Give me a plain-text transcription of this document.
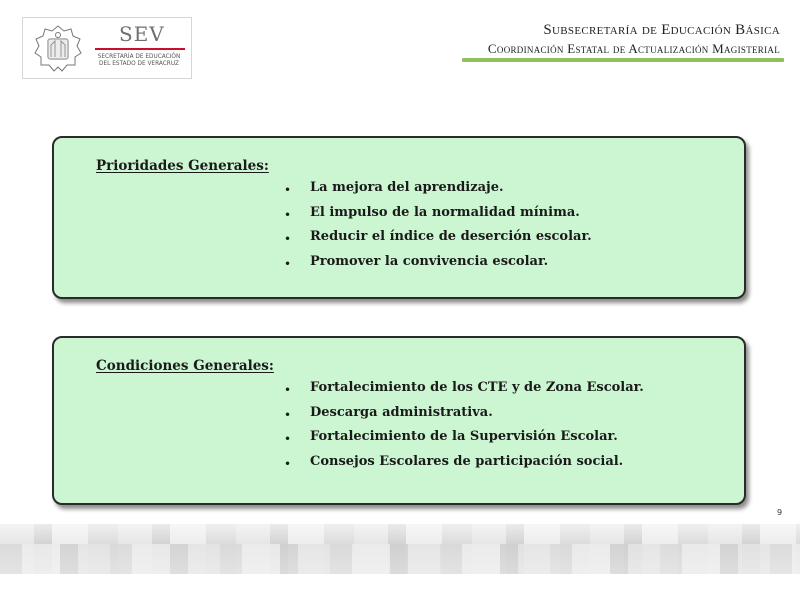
SEV
SECRETARÍA DE EDUCACIÓN
DEL ESTADO DE VERACRUZ
Subsecretaría de Educación Básica
Coordinación Estatal de Actualización Magisterial
Prioridades Generales:
• La mejora del aprendizaje.
• El impulso de la normalidad mínima.
• Reducir el índice de deserción escolar.
• Promover la convivencia escolar.
Condiciones Generales:
• Fortalecimiento de los CTE y de Zona Escolar.
• Descarga administrativa.
• Fortalecimiento de la Supervisión Escolar.
• Consejos Escolares de participación social.
9
